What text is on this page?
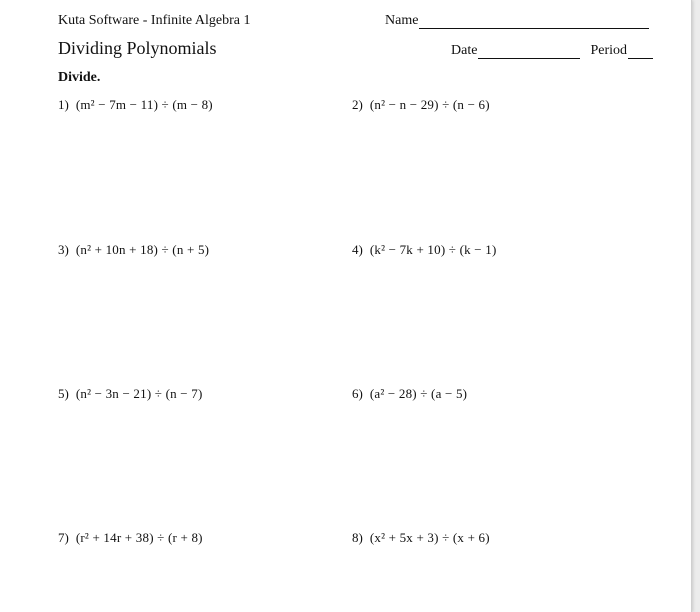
Kuta Software - Infinite Algebra 1	Name
Dividing Polynomials	Date	Period
Divide.
1) (m² − 7m − 11) ÷ (m − 8)	2) (n² − n − 29) ÷ (n − 6)
3) (n² + 10n + 18) ÷ (n + 5)	4) (k² − 7k + 10) ÷ (k − 1)
5) (n² − 3n − 21) ÷ (n − 7)	6) (a² − 28) ÷ (a − 5)
7) (r² + 14r + 38) ÷ (r + 8)	8) (x² + 5x + 3) ÷ (x + 6)
